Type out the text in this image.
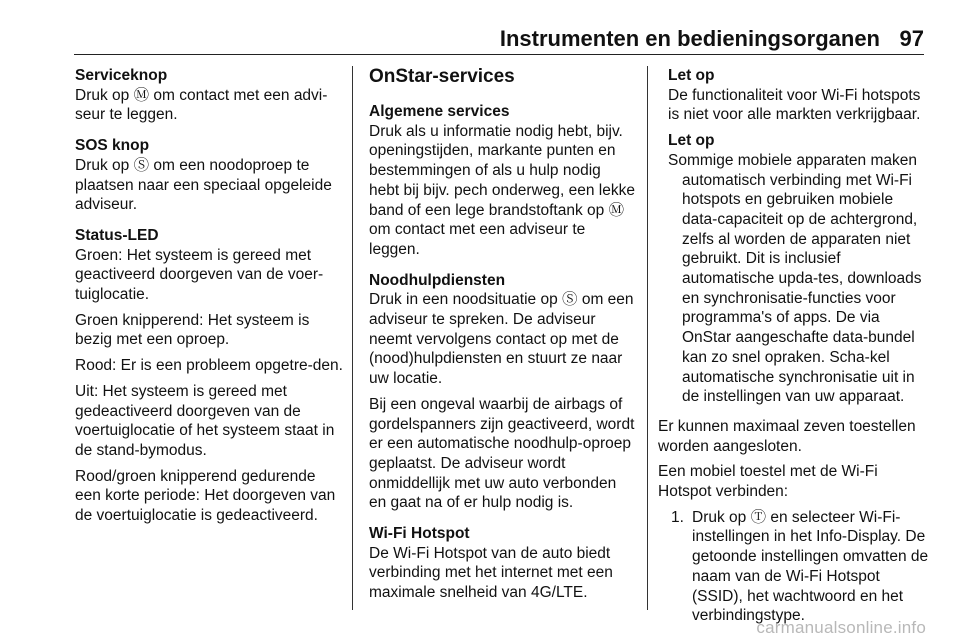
Instrumenten en bedieningsorganen 97

Serviceknop

Druk op Ⓜ om contact met een advi-seur te leggen.

SOS knop

Druk op Ⓢ om een noodoproep te plaatsen naar een speciaal opgeleide adviseur.

Status-LED

Groen: Het systeem is gereed met geactiveerd doorgeven van de voer-tuiglocatie.

Groen knipperend: Het systeem is bezig met een oproep.

Rood: Er is een probleem opgetre-den.

Uit: Het systeem is gereed met gedeactiveerd doorgeven van de voertuiglocatie of het systeem staat in de stand-bymodus.

Rood/groen knipperend gedurende een korte periode: Het doorgeven van de voertuiglocatie is gedeactiveerd.

OnStar-services

Algemene services

Druk als u informatie nodig hebt, bijv. openingstijden, markante punten en bestemmingen of als u hulp nodig hebt bij bijv. pech onderweg, een lekke band of een lege brandstoftank op Ⓜ om contact met een adviseur te leggen.

Noodhulpdiensten

Druk in een noodsituatie op Ⓢ om een adviseur te spreken. De adviseur neemt vervolgens contact op met de (nood)hulpdiensten en stuurt ze naar uw locatie.

Bij een ongeval waarbij de airbags of gordelspanners zijn geactiveerd, wordt er een automatische noodhulp-oproep geplaatst. De adviseur wordt onmiddellijk met uw auto verbonden en gaat na of er hulp nodig is.

Wi-Fi Hotspot

De Wi-Fi Hotspot van de auto biedt verbinding met het internet met een maximale snelheid van 4G/LTE.

Let op

De functionaliteit voor Wi-Fi hotspots is niet voor alle markten verkrijgbaar.

Let op

Sommige mobiele apparaten maken automatisch verbinding met Wi-Fi hotspots en gebruiken mobiele data-capaciteit op de achtergrond, zelfs al worden de apparaten niet gebruikt. Dit is inclusief automatische upda-tes, downloads en synchronisatie-functies voor programma's of apps. De via OnStar aangeschafte data-bundel kan zo snel opraken. Scha-kel automatische synchronisatie uit in de instellingen van uw apparaat.

Er kunnen maximaal zeven toestellen worden aangesloten.

Een mobiel toestel met de Wi-Fi Hotspot verbinden:

1. Druk op Ⓣ en selecteer Wi-Fi-instellingen in het Info-Display. De getoonde instellingen omvatten de naam van de Wi-Fi Hotspot (SSID), het wachtwoord en het verbindingstype.
carmanualsonline.info
